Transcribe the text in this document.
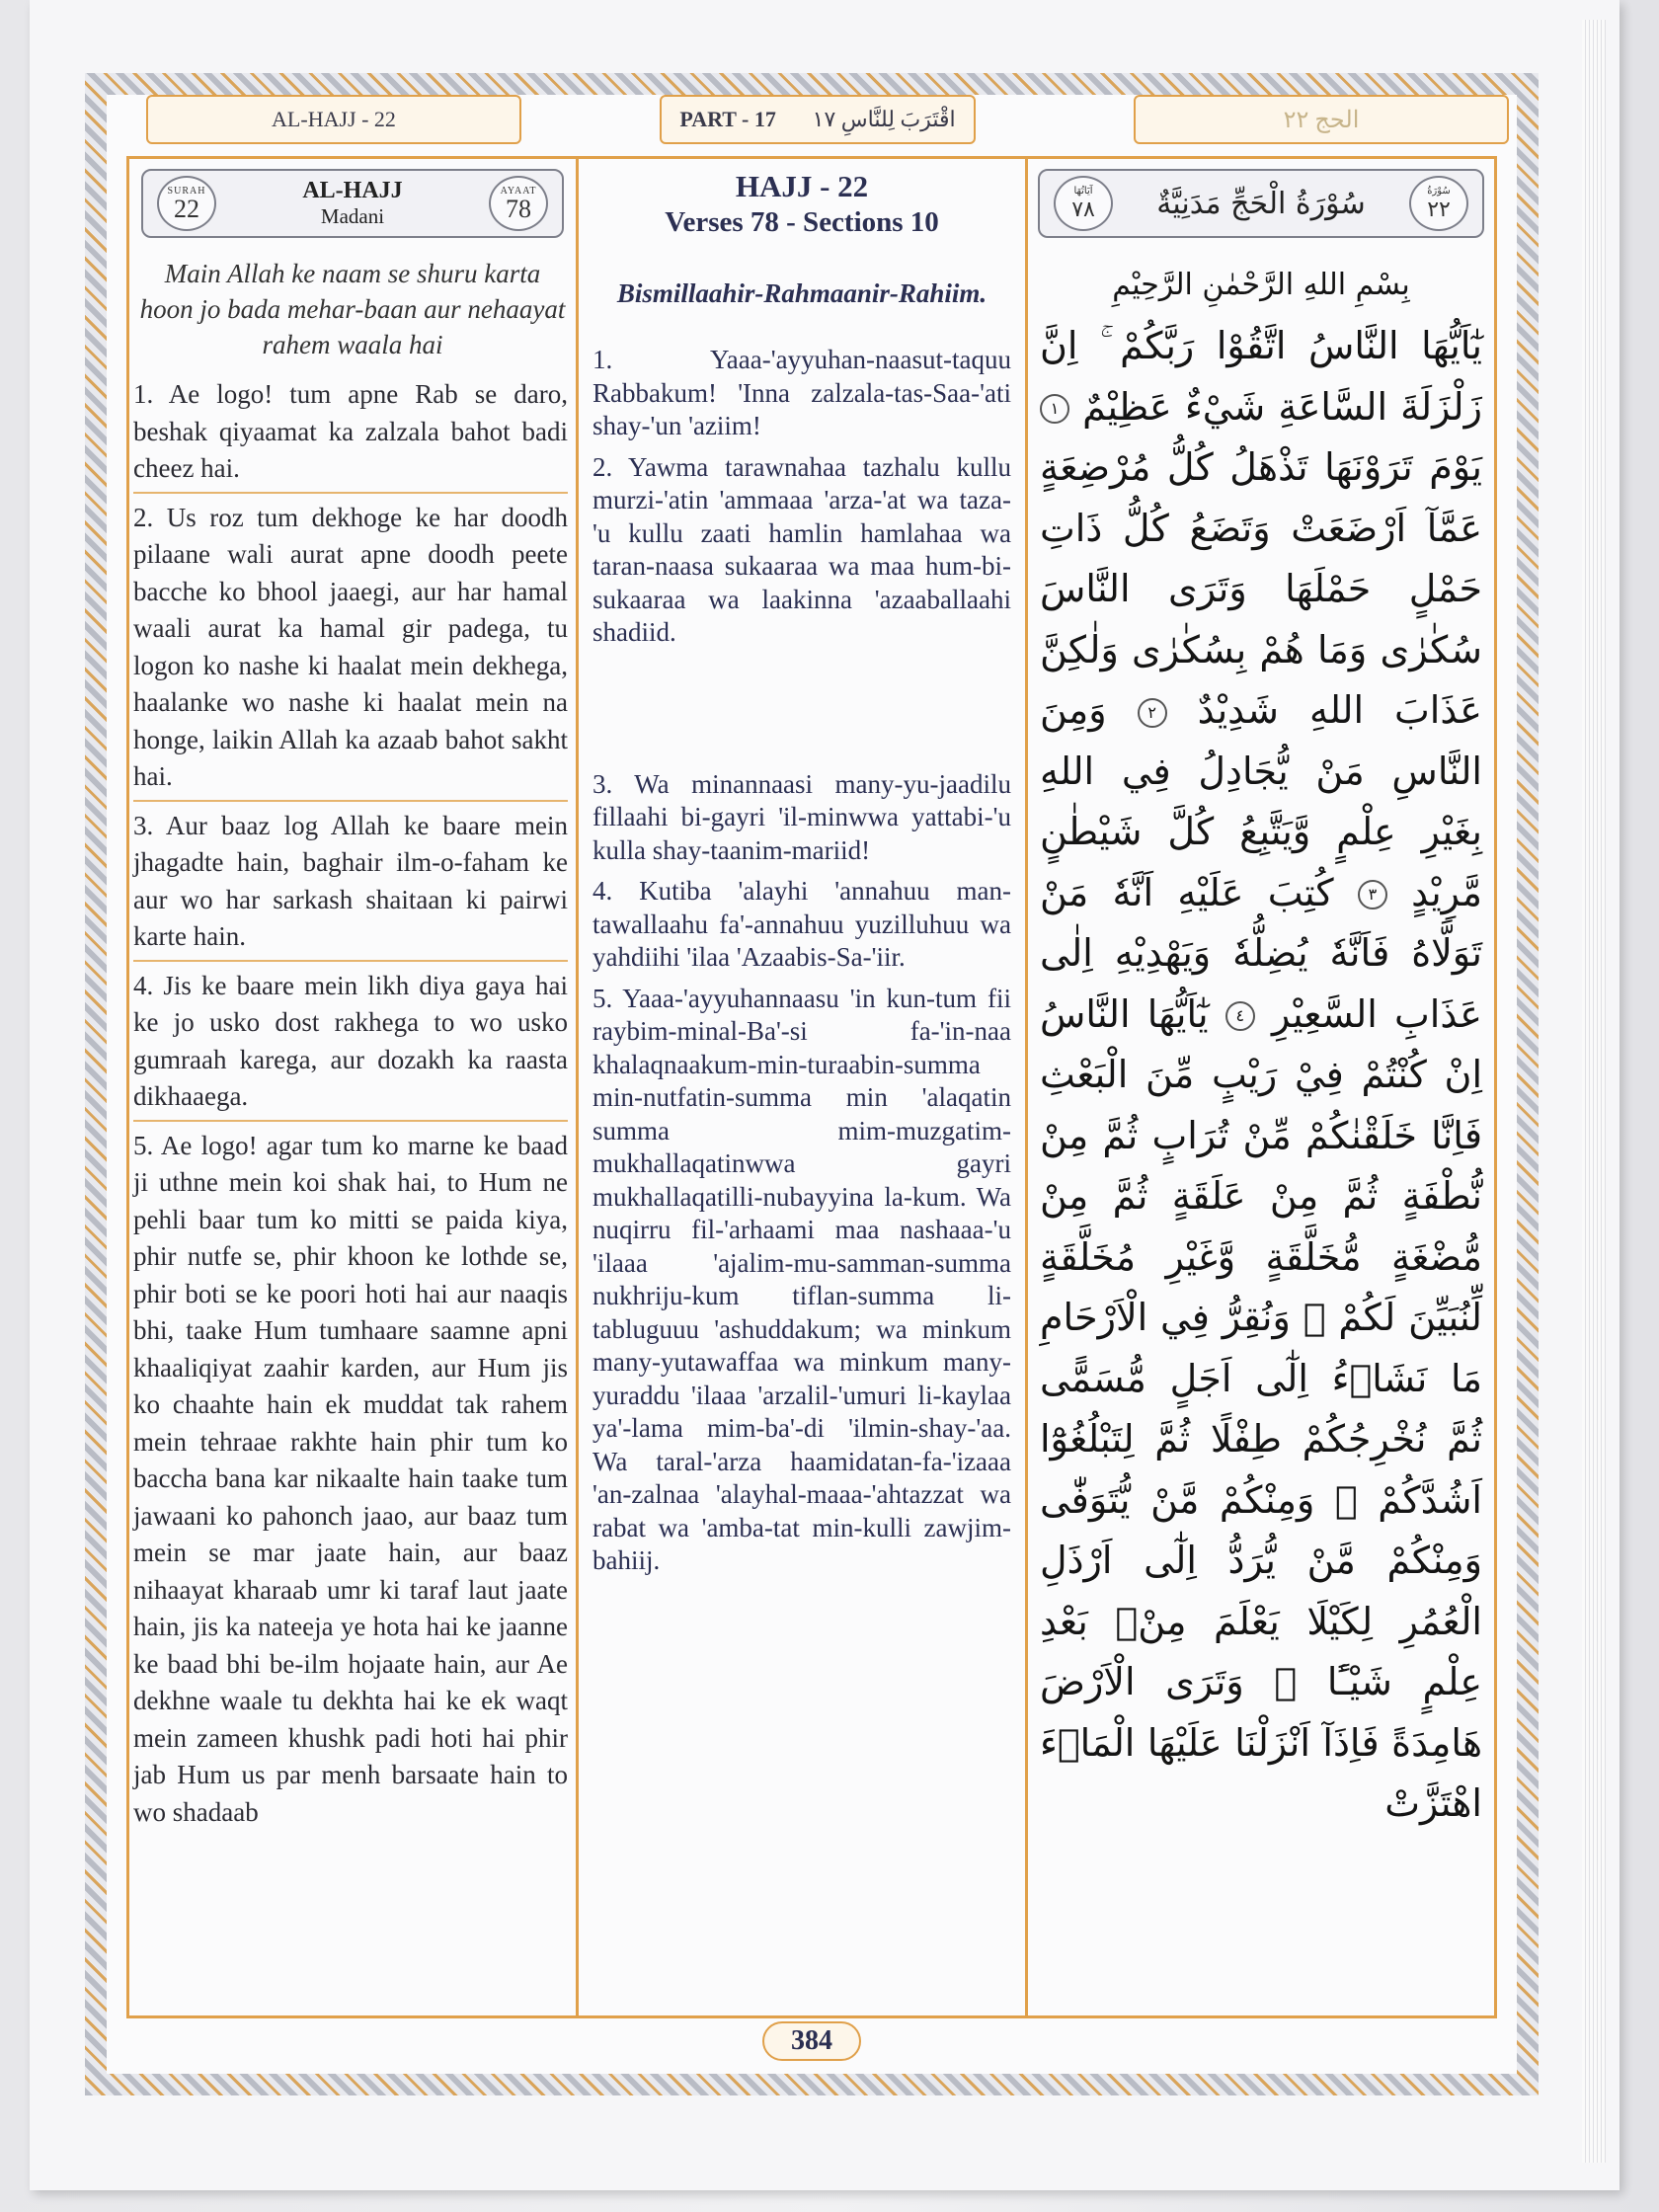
AL-HAJJ - 22	PART - 17 اقْتَرَبَ لِلنَّاسِ ١٧	الحج ٢٢
SURAH
22
AL-HAJJ
Madani
AYAAT
78
Main Allah ke naam se shuru karta hoon jo bada mehar-baan aur nehaayat rahem waala hai

1. Ae logo! tum apne Rab se daro, beshak qiyaamat ka zalzala bahot badi cheez hai.

2. Us roz tum dekhoge ke har doodh pilaane wali aurat apne doodh peete bacche ko bhool jaaegi, aur har hamal waali aurat ka hamal gir padega, tu logon ko nashe ki haalat mein dekhega, haalanke wo nashe ki haalat mein na honge, laikin Allah ka azaab bahot sakht hai.

3. Aur baaz log Allah ke baare mein jhagadte hain, baghair ilm-o-faham ke aur wo har sarkash shaitaan ki pairwi karte hain.

4. Jis ke baare mein likh diya gaya hai ke jo usko dost rakhega to wo usko gumraah karega, aur dozakh ka raasta dikhaaega.

5. Ae logo! agar tum ko marne ke baad ji uthne mein koi shak hai, to Hum ne pehli baar tum ko mitti se paida kiya, phir nutfe se, phir khoon ke lothde se, phir boti se ke poori hoti hai aur naaqis bhi, taake Hum tumhaare saamne apni khaaliqiyat zaahir karden, aur Hum jis ko chaahte hain ek muddat tak rahem mein tehraae rakhte hain phir tum ko baccha bana kar nikaalte hain taake tum jawaani ko pahonch jaao, aur baaz tum mein se mar jaate hain, aur baaz nihaayat kharaab umr ki taraf laut jaate hain, jis ka nateeja ye hota hai ke jaanne ke baad bhi be-ilm hojaate hain, aur Ae dekhne waale tu dekhta hai ke ek waqt mein zameen khushk padi hoti hai phir jab Hum us par menh barsaate hain to wo shadaab

HAJJ - 22
Verses 78 - Sections 10
Bismillaahir-Rahmaanir-Rahiim.

1. Yaaa-'ayyuhan-naasut-taquu Rabbakum! 'Inna zalzala-tas-Saa-'ati shay-'un 'aziim!

2. Yawma tarawnahaa tazhalu kullu murzi-'atin 'ammaaa 'arza-'at wa taza-'u kullu zaati hamlin hamlahaa wa taran-naasa sukaaraa wa maa hum-bi-sukaaraa wa laakinna 'azaaballaahi shadiid.

3. Wa minannaasi many-yu-jaadilu fillaahi bi-gayri 'il-minwwa yattabi-'u kulla shay-taanim-mariid!

4. Kutiba 'alayhi 'annahuu man-tawallaahu fa'-annahuu yuzilluhuu wa yahdiihi 'ilaa 'Azaabis-Sa-'iir.

5. Yaaa-'ayyuhannaasu 'in kun-tum fii raybim-minal-Ba'-si fa-'in-naa khalaqnaakum-min-turaabin-summa min-nutfatin-summa min 'alaqatin summa mim-muzgatim-mukhallaqatinwwa gayri mukhallaqatilli-nubayyina la-kum. Wa nuqirru fil-'arhaami maa nashaaa-'u 'ilaaa 'ajalim-mu-samman-summa nukhriju-kum tiflan-summa li-tabluguuu 'ashuddakum; wa minkum many-yutawaffaa wa minkum many-yuraddu 'ilaaa 'arzalil-'umuri li-kaylaa ya'-lama mim-ba'-di 'ilmin-shay-'aa. Wa taral-'arza haamidatan-fa-'izaaa 'an-zalnaa 'alayhal-maaa-'ahtazzat wa rabat wa 'amba-tat min-kulli zawjim-bahiij.

سُوْرَةُ
٢٢
سُوْرَةُ الْحَجِّ مَدَنِيَّةٌ
آيَاتُهَا
٧٨
بِسْمِ اللهِ الرَّحْمٰنِ الرَّحِيْمِ
يٰٓاَيُّهَا النَّاسُ اتَّقُوْا رَبَّكُمْ ۚ اِنَّ زَلْزَلَةَ السَّاعَةِ شَيْءٌ عَظِيْمٌ ١ يَوْمَ تَرَوْنَهَا تَذْهَلُ كُلُّ مُرْضِعَةٍ عَمَّآ اَرْضَعَتْ وَتَضَعُ كُلُّ ذَاتِ حَمْلٍ حَمْلَهَا وَتَرَى النَّاسَ سُكٰرٰى وَمَا هُمْ بِسُكٰرٰى وَلٰكِنَّ عَذَابَ اللهِ شَدِيْدٌ ٢ وَمِنَ النَّاسِ مَنْ يُّجَادِلُ فِي اللهِ بِغَيْرِ عِلْمٍ وَّيَتَّبِعُ كُلَّ شَيْطٰنٍ مَّرِيْدٍ ٣ كُتِبَ عَلَيْهِ اَنَّهٗ مَنْ تَوَلَّاهُ فَاَنَّهٗ يُضِلُّهٗ وَيَهْدِيْهِ اِلٰى عَذَابِ السَّعِيْرِ ٤ يٰٓاَيُّهَا النَّاسُ اِنْ كُنْتُمْ فِيْ رَيْبٍ مِّنَ الْبَعْثِ فَاِنَّا خَلَقْنٰكُمْ مِّنْ تُرَابٍ ثُمَّ مِنْ نُّطْفَةٍ ثُمَّ مِنْ عَلَقَةٍ ثُمَّ مِنْ مُّضْغَةٍ مُّخَلَّقَةٍ وَّغَيْرِ مُخَلَّقَةٍ لِّنُبَيِّنَ لَكُمْ ۭ وَنُقِرُّ فِي الْاَرْحَامِ مَا نَشَاۗءُ اِلٰٓى اَجَلٍ مُّسَمًّى ثُمَّ نُخْرِجُكُمْ طِفْلًا ثُمَّ لِتَبْلُغُوْٓا اَشُدَّكُمْ ۚ وَمِنْكُمْ مَّنْ يُّتَوَفّٰى وَمِنْكُمْ مَّنْ يُّرَدُّ اِلٰٓى اَرْذَلِ الْعُمُرِ لِكَيْلَا يَعْلَمَ مِنْۢ بَعْدِ عِلْمٍ شَيْـًٔا ۭ وَتَرَى الْاَرْضَ هَامِدَةً فَاِذَآ اَنْزَلْنَا عَلَيْهَا الْمَاۗءَ اهْتَزَّتْ
384
